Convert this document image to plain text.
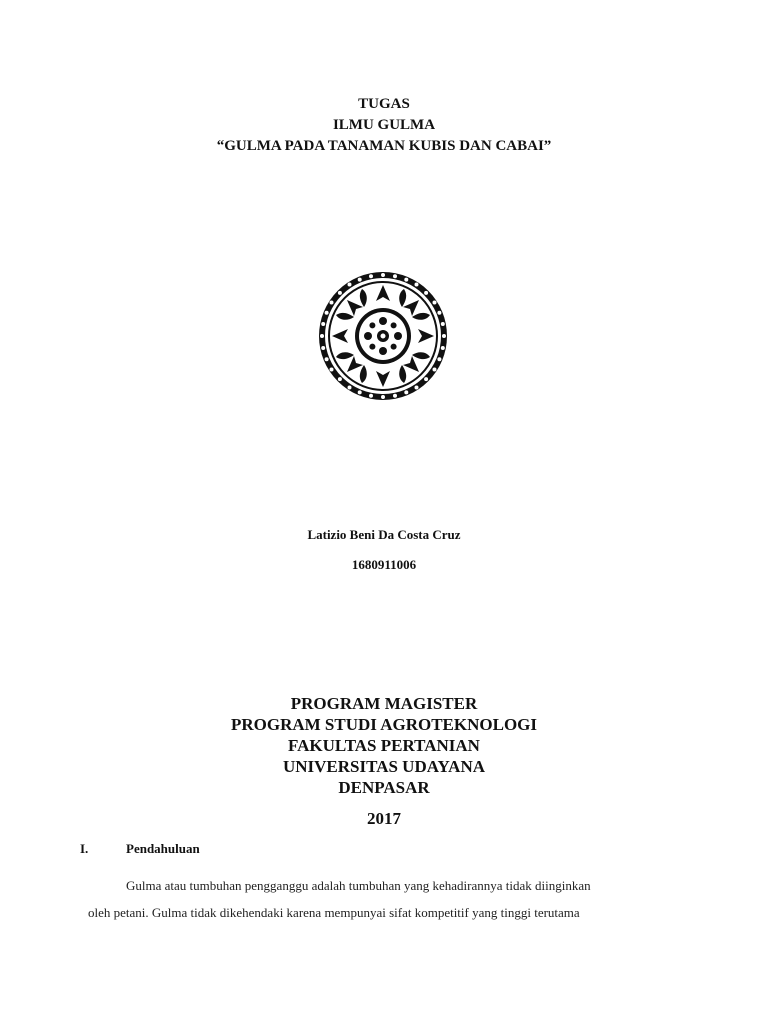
TUGAS
ILMU GULMA
“GULMA PADA TANAMAN KUBIS DAN CABAI”
Latizio Beni Da Costa Cruz
1680911006
PROGRAM MAGISTER
PROGRAM STUDI AGROTEKNOLOGI
FAKULTAS PERTANIAN
UNIVERSITAS UDAYANA
DENPASAR
2017
I.	Pendahuluan
Gulma atau tumbuhan pengganggu adalah tumbuhan yang kehadirannya tidak diinginkan
oleh petani. Gulma tidak dikehendaki karena mempunyai sifat kompetitif yang tinggi terutama
